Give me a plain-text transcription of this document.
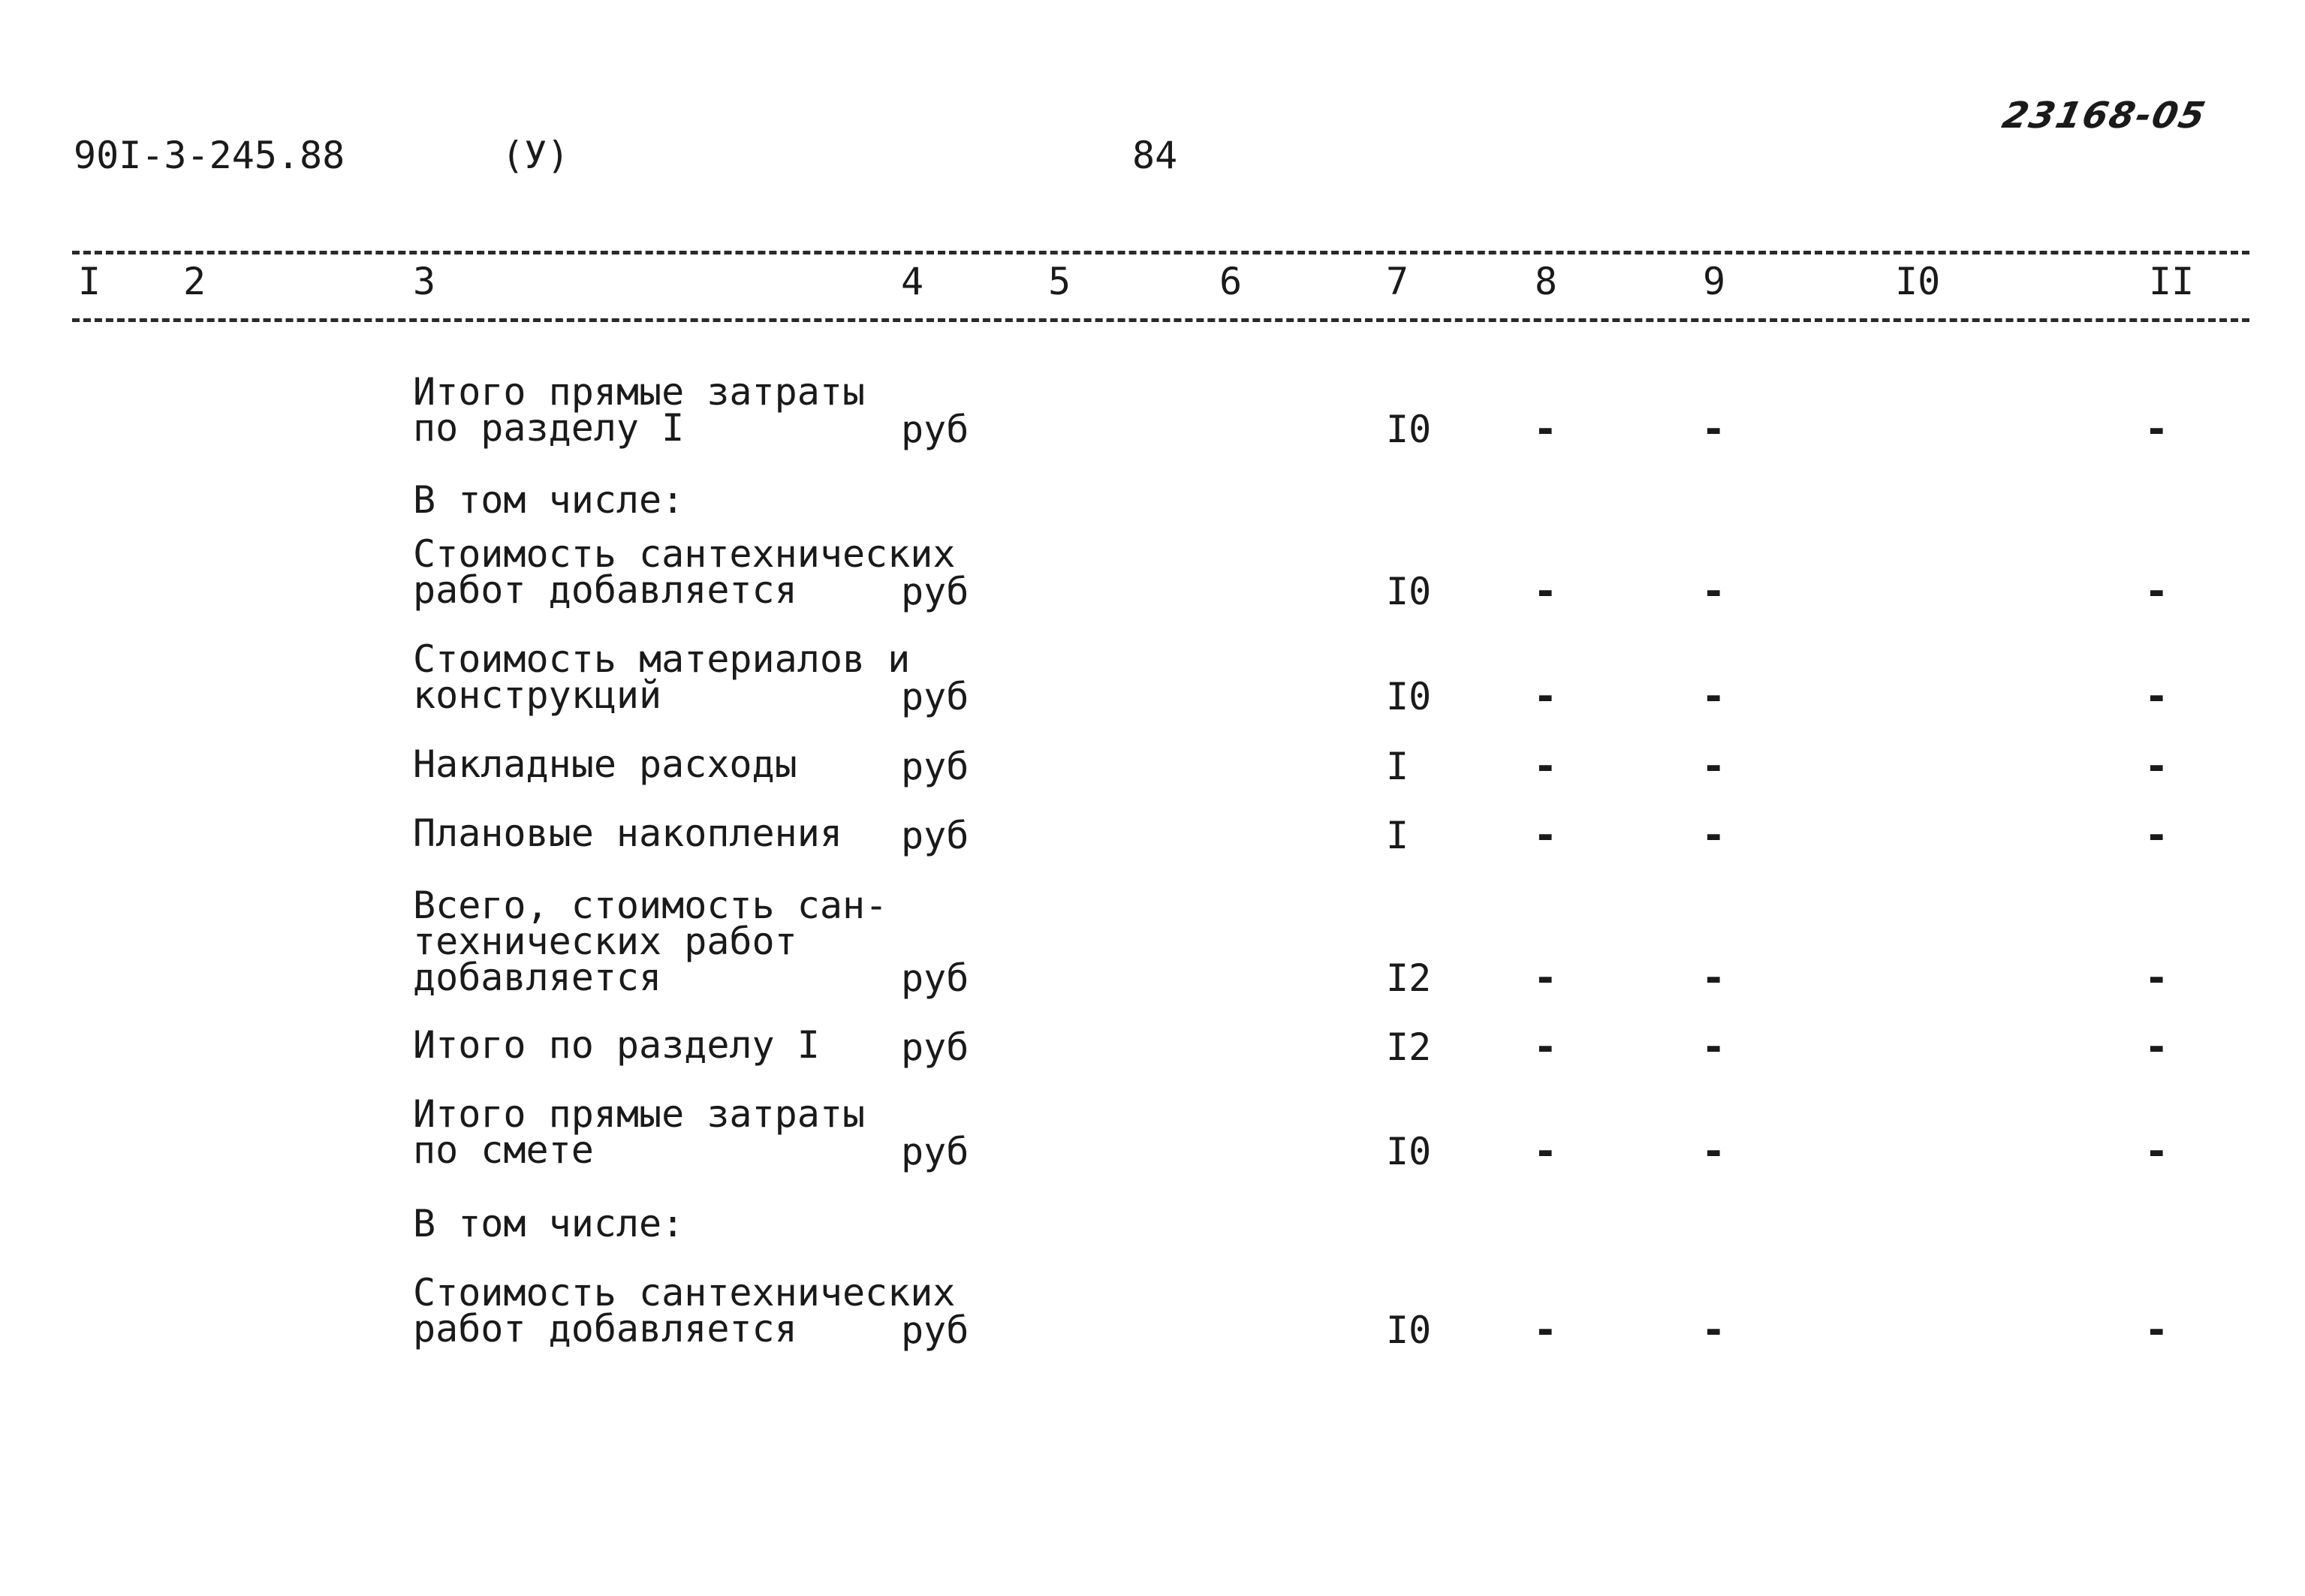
90I-3-245.88	(У)	84
23168-05
I 2	3	4	5	6	7	8	9	I0	II
Итого прямые затраты
по разделу I	руб	I0	-	-	-
В том числе:
Стоимость сантехнических
работ добавляется	руб	I0	-	-	-
Стоимость материалов и
конструкций	руб	I0	-	-	-
Накладные расходы	руб	I	-	-	-
Плановые накопления руб	I	-	-	-
Всего, стоимость сан-
технических работ
добавляется	руб	I2	-	-	-
Итого по разделу I руб	I2	-	-	-
Итого прямые затраты
по смете	руб	I0	-	-	-
В том числе:
Стоимость сантехнических
работ добавляется	руб	I0	-	-	-
